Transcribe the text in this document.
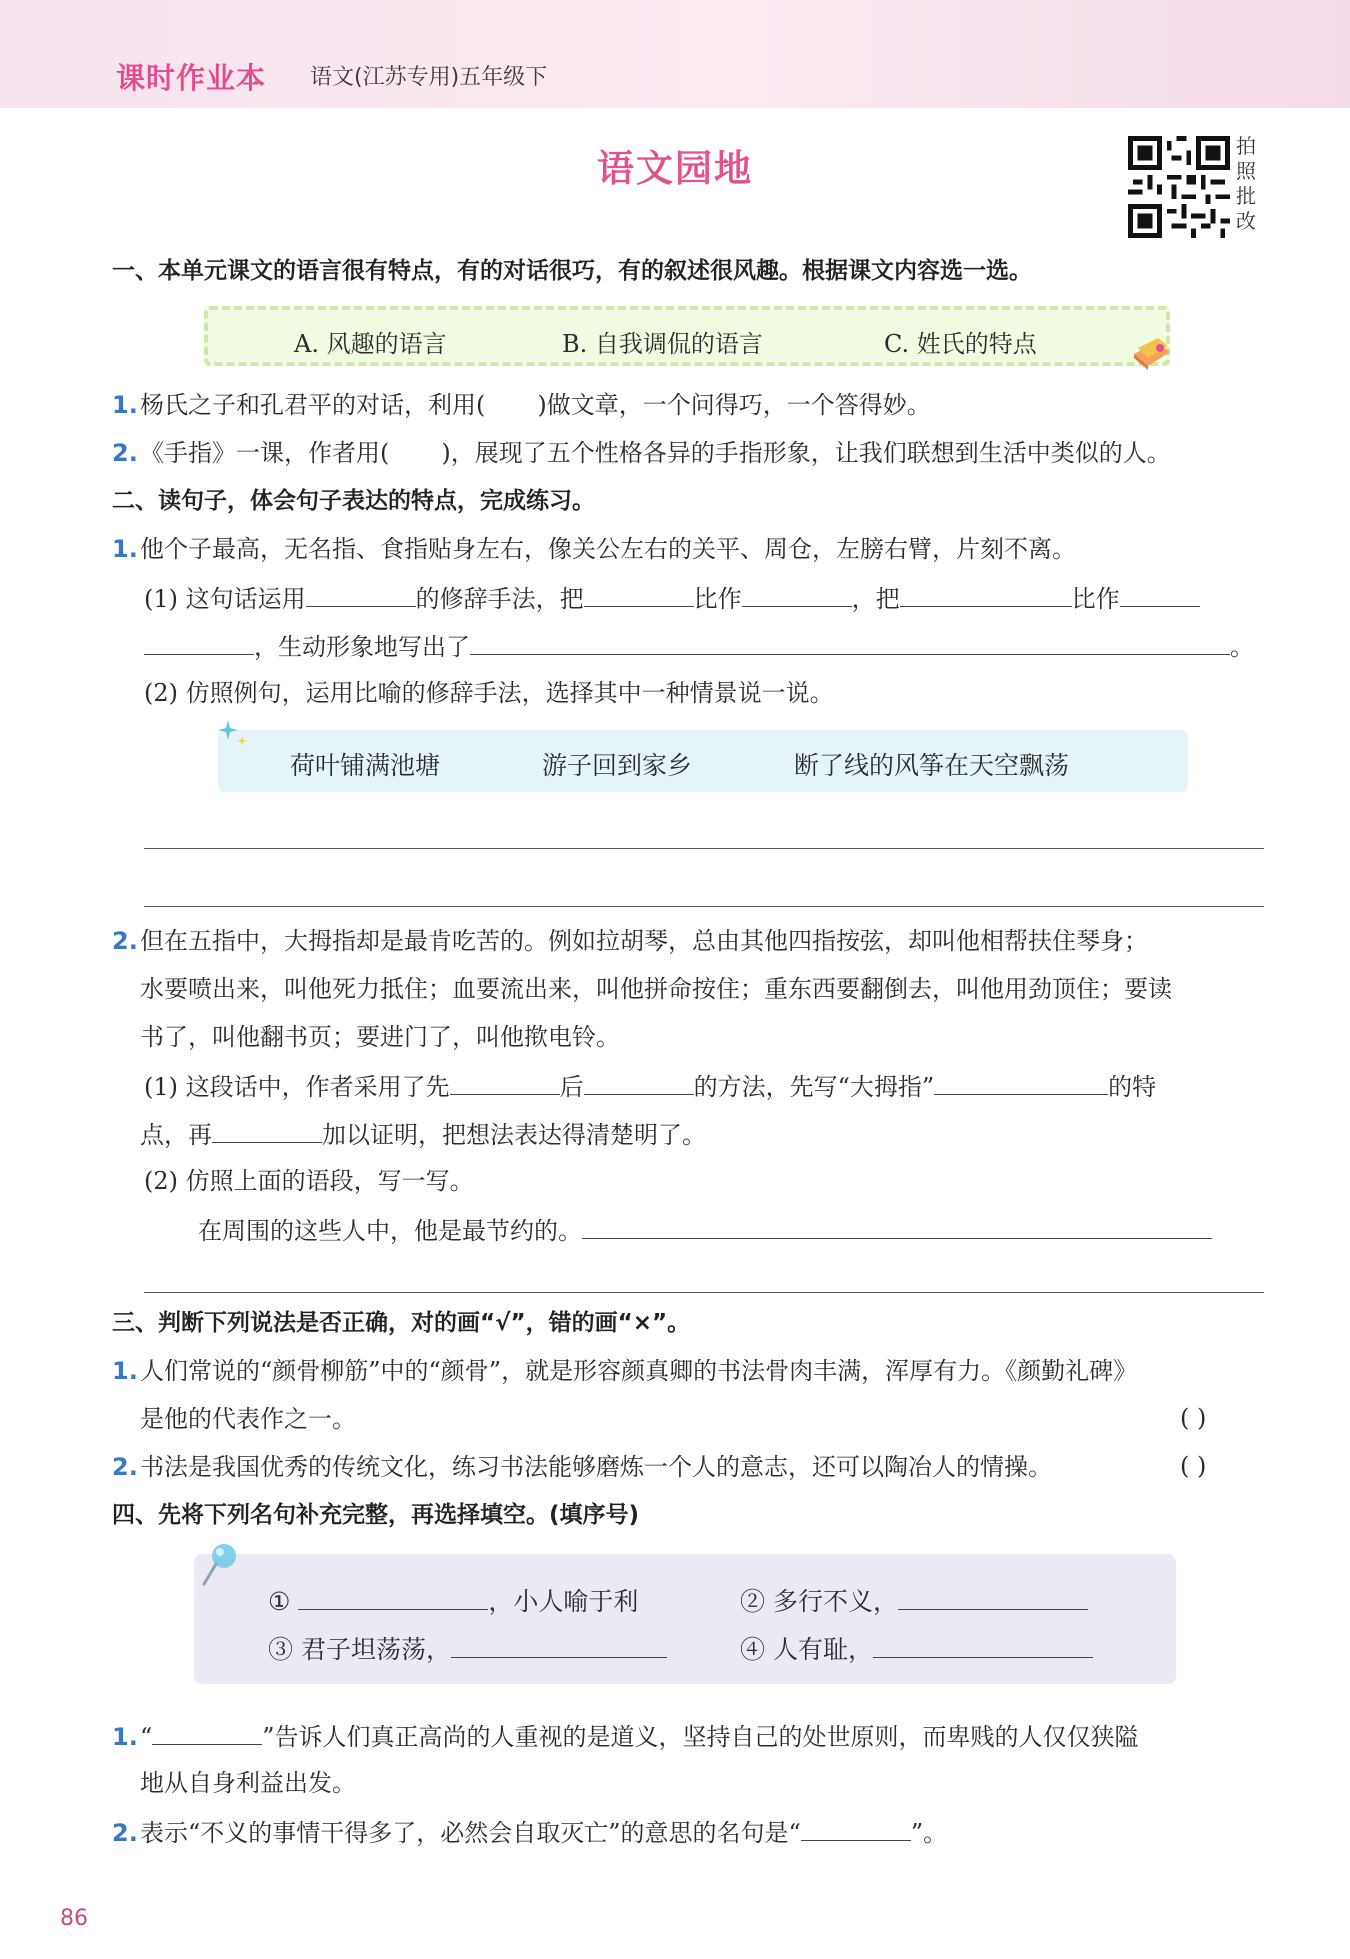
课时作业本 语文(江苏专用)五年级下
语文园地
拍
照
批
改
一、本单元课文的语言很有特点，有的对话很巧，有的叙述很风趣。根据课文内容选一选。
A. 风趣的语言	B. 自我调侃的语言	C. 姓氏的特点
1.杨氏之子和孔君平的对话，利用( )做文章，一个问得巧，一个答得妙。
2.《手指》一课，作者用( )，展现了五个性格各异的手指形象，让我们联想到生活中类似的人。
二、读句子，体会句子表达的特点，完成练习。
1.他个子最高，无名指、食指贴身左右，像关公左右的关平、周仓，左膀右臂，片刻不离。
(1) 这句话运用	的修辞手法，把	比作	，把	比作
，生动形象地写出了	。
(2) 仿照例句，运用比喻的修辞手法，选择其中一种情景说一说。
荷叶铺满池塘	游子回到家乡	断了线的风筝在天空飘荡
2.但在五指中，大拇指却是最肯吃苦的。例如拉胡琴，总由其他四指按弦，却叫他相帮扶住琴身；
水要喷出来，叫他死力抵住；血要流出来，叫他拼命按住；重东西要翻倒去，叫他用劲顶住；要读
书了，叫他翻书页；要进门了，叫他揿电铃。
(1) 这段话中，作者采用了先	后	的方法，先写“大拇指”	的特
点，再	加以证明，把想法表达得清楚明了。
(2) 仿照上面的语段，写一写。
在周围的这些人中，他是最节约的。
三、判断下列说法是否正确，对的画“√”，错的画“×”。
1.人们常说的“颜骨柳筋”中的“颜骨”，就是形容颜真卿的书法骨肉丰满，浑厚有力。《颜勤礼碑》
是他的代表作之一。	( )
2.书法是我国优秀的传统文化，练习书法能够磨炼一个人的意志，还可以陶冶人的情操。	( )
四、先将下列名句补充完整，再选择填空。(填序号)
①	，小人喻于利	② 多行不义，
③ 君子坦荡荡，	④ 人有耻，
1.“	”告诉人们真正高尚的人重视的是道义，坚持自己的处世原则，而卑贱的人仅仅狭隘
地从自身利益出发。
2.表示“不义的事情干得多了，必然会自取灭亡”的意思的名句是“	”。
86
